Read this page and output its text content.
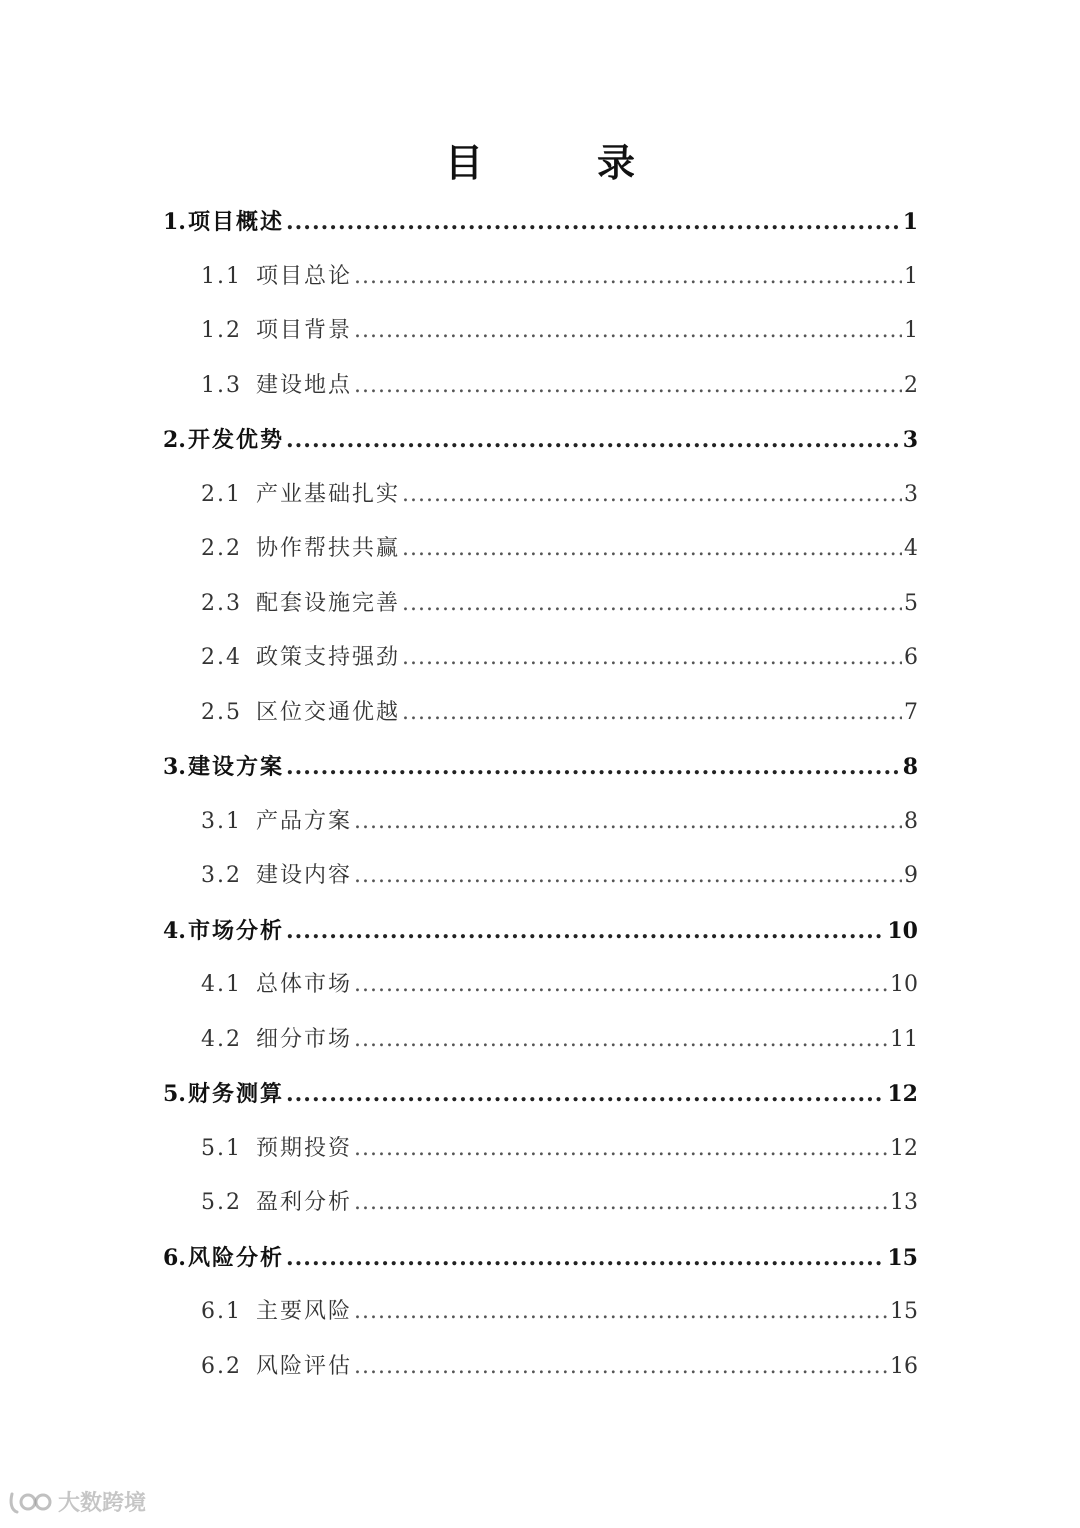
目　录
1. 项目概述 .....	1
1.1 项目总论 .....	1
1.2 项目背景 .....	1
1.3 建设地点 .....	2
2. 开发优势 .....	3
2.1 产业基础扎实 .....	3
2.2 协作帮扶共赢 .....	4
2.3 配套设施完善 .....	5
2.4 政策支持强劲 .....	6
2.5 区位交通优越 .....	7
3. 建设方案 .....	8
3.1 产品方案 .....	8
3.2 建设内容 .....	9
4. 市场分析 .....	10
4.1 总体市场 .....	10
4.2 细分市场 .....	11
5. 财务测算 .....	12
5.1 预期投资 .....	12
5.2 盈利分析 .....	13
6. 风险分析 .....	15
6.1 主要风险 .....	15
6.2 风险评估 .....	16
大数跨境
